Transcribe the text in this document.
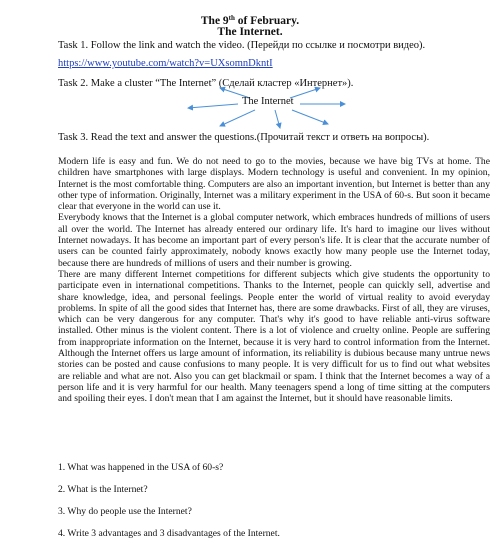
The 9th of February.
The Internet.
Task 1. Follow the link and watch the video. (Перейди по ссылке и посмотри видео).
https://www.youtube.com/watch?v=UXsomnDkntI
Task 2. Make a cluster “The Internet” (Сделай кластер «Интернет»).
The Internet
Task 3. Read the text and answer the questions.(Прочитай текст и ответь на вопросы).

Modern life is easy and fun. We do not need to go to the movies, because we have big TVs at home. The children have smartphones with large displays. Modern technology is useful and convenient. In my opinion, Internet is the most comfortable thing. Computers are also an important invention, but Internet is better than any other type of information. Originally, Internet was a military experiment in the USA of 60-s. But soon it became clear that everyone in the world can use it.

Everybody knows that the Internet is a global computer network, which embraces hundreds of millions of users all over the world. The Internet has already entered our ordinary life. It's hard to imagine our lives without Internet nowadays. It has become an important part of every person's life. It is clear that the accurate number of users can be counted fairly approximately, nobody knows exactly how many people use the Internet today, because there are hundreds of millions of users and their number is growing.

There are many different Internet competitions for different subjects which give students the opportunity to participate even in international competitions. Thanks to the Internet, people can quickly sell, advertise and share knowledge, idea, and personal feelings. People enter the world of virtual reality to avoid everyday problems. In spite of all the good sides that Internet has, there are some drawbacks. First of all, they are viruses, which can be very dangerous for any computer. That's why it's good to have reliable anti-virus software installed. Other minus is the violent content. There is a lot of violence and cruelty online. People are suffering from inappropriate information on the Internet, because it is very hard to control information from the Internet. Although the Internet offers us large amount of information, its reliability is dubious because many untrue news stories can be posted and cause confusions to many people. It is very difficult for us to find out what websites are reliable and what are not. Also you can get blackmail or spam. I think that the Internet becomes a way of a person life and it is very harmful for our health. Many teenagers spend a long of time sitting at the computers and spoiling their eyes. I don't mean that I am against the Internet, but it should have reasonable limits.

1. What was happened in the USA of 60-s?
2. What is the Internet?
3. Why do people use the Internet?
4. Write 3 advantages and 3 disadvantages of the Internet.
